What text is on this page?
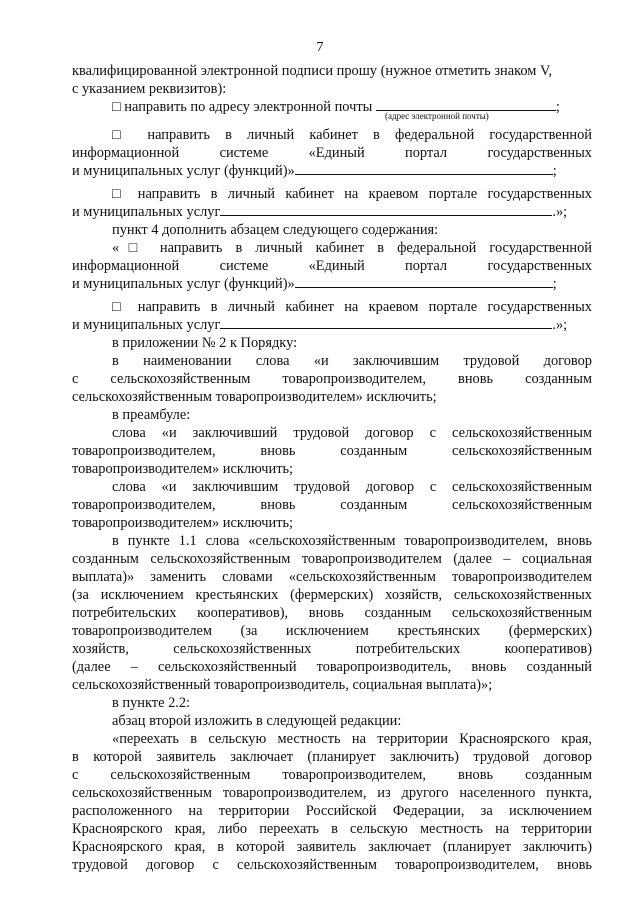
7

квалифицированной электронной подписи прошу (нужное отметить знаком V,

с указанием реквизитов):

□ направить по адресу электронной почты	;

□ направить в личный кабинет в федеральной государственной

информационной системе «Единый портал государственных

и муниципальных услуг (функций)»	;

□ направить в личный кабинет на краевом портале государственных

и муниципальных услуг	.»;

пункт 4 дополнить абзацем следующего содержания:

«□ направить в личный кабинет в федеральной государственной

информационной системе «Единый портал государственных

и муниципальных услуг (функций)»	;

□ направить в личный кабинет на краевом портале государственных

и муниципальных услуг	.»;

в приложении № 2 к Порядку:

в наименовании слова «и заключившим трудовой договор

с сельскохозяйственным товаропроизводителем, вновь созданным

сельскохозяйственным товаропроизводителем» исключить;

в преамбуле:

слова «и заключивший трудовой договор с сельскохозяйственным

товаропроизводителем, вновь созданным сельскохозяйственным

товаропроизводителем» исключить;

слова «и заключившим трудовой договор с сельскохозяйственным

товаропроизводителем, вновь созданным сельскохозяйственным

товаропроизводителем» исключить;

в пункте 1.1 слова «сельскохозяйственным товаропроизводителем, вновь

созданным сельскохозяйственным товаропроизводителем (далее – социальная

выплата)» заменить словами «сельскохозяйственным товаропроизводителем

(за исключением крестьянских (фермерских) хозяйств, сельскохозяйственных

потребительских кооперативов), вновь созданным сельскохозяйственным

товаропроизводителем (за исключением крестьянских (фермерских)

хозяйств, сельскохозяйственных потребительских кооперативов)

(далее – сельскохозяйственный товаропроизводитель, вновь созданный

сельскохозяйственный товаропроизводитель, социальная выплата)»;

в пункте 2.2:

абзац второй изложить в следующей редакции:

«переехать в сельскую местность на территории Красноярского края,

в которой заявитель заключает (планирует заключить) трудовой договор

с сельскохозяйственным товаропроизводителем, вновь созданным

сельскохозяйственным товаропроизводителем, из другого населенного пункта,

расположенного на территории Российской Федерации, за исключением

Красноярского края, либо переехать в сельскую местность на территории

Красноярского края, в которой заявитель заключает (планирует заключить)

трудовой договор с сельскохозяйственным товаропроизводителем, вновь

(адрес электронной почты)
